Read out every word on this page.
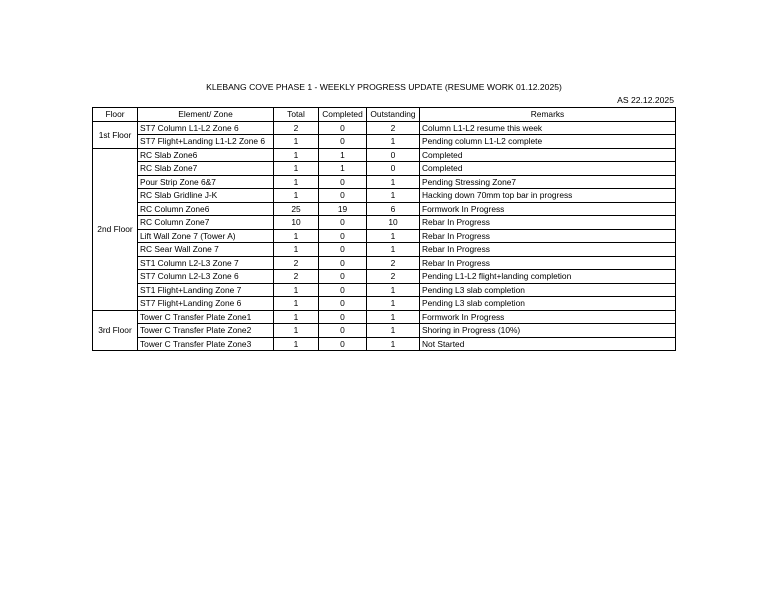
KLEBANG COVE PHASE 1 - WEEKLY PROGRESS UPDATE (RESUME WORK 01.12.2025)
AS 22.12.2025
Floor	Element/ Zone	Total	Completed	Outstanding	Remarks
1st Floor	ST7 Column L1-L2 Zone 6	2	0	2	Column L1-L2 resume this week
	ST7 Flight+Landing L1-L2 Zone 6	1	0	1	Pending column L1-L2 complete
2nd Floor	RC Slab Zone6	1	1	0	Completed
	RC Slab Zone7	1	1	0	Completed
	Pour Strip Zone 6&7	1	0	1	Pending Stressing Zone7
	RC Slab Gridline J-K	1	0	1	Hacking down 70mm top bar in progress
	RC Column Zone6	25	19	6	Formwork In Progress
	RC Column Zone7	10	0	10	Rebar In Progress
	Lift Wall Zone 7 (Tower A)	1	0	1	Rebar In Progress
	RC Sear Wall Zone 7	1	0	1	Rebar In Progress
	ST1 Column L2-L3 Zone 7	2	0	2	Rebar In Progress
	ST7 Column L2-L3 Zone 6	2	0	2	Pending L1-L2 flight+landing completion
	ST1 Flight+Landing Zone 7	1	0	1	Pending L3 slab completion
	ST7 Flight+Landing Zone 6	1	0	1	Pending L3 slab completion
3rd Floor	Tower C Transfer Plate Zone1	1	0	1	Formwork In Progress
	Tower C Transfer Plate Zone2	1	0	1	Shoring in Progress (10%)
	Tower C Transfer Plate Zone3	1	0	1	Not Started
